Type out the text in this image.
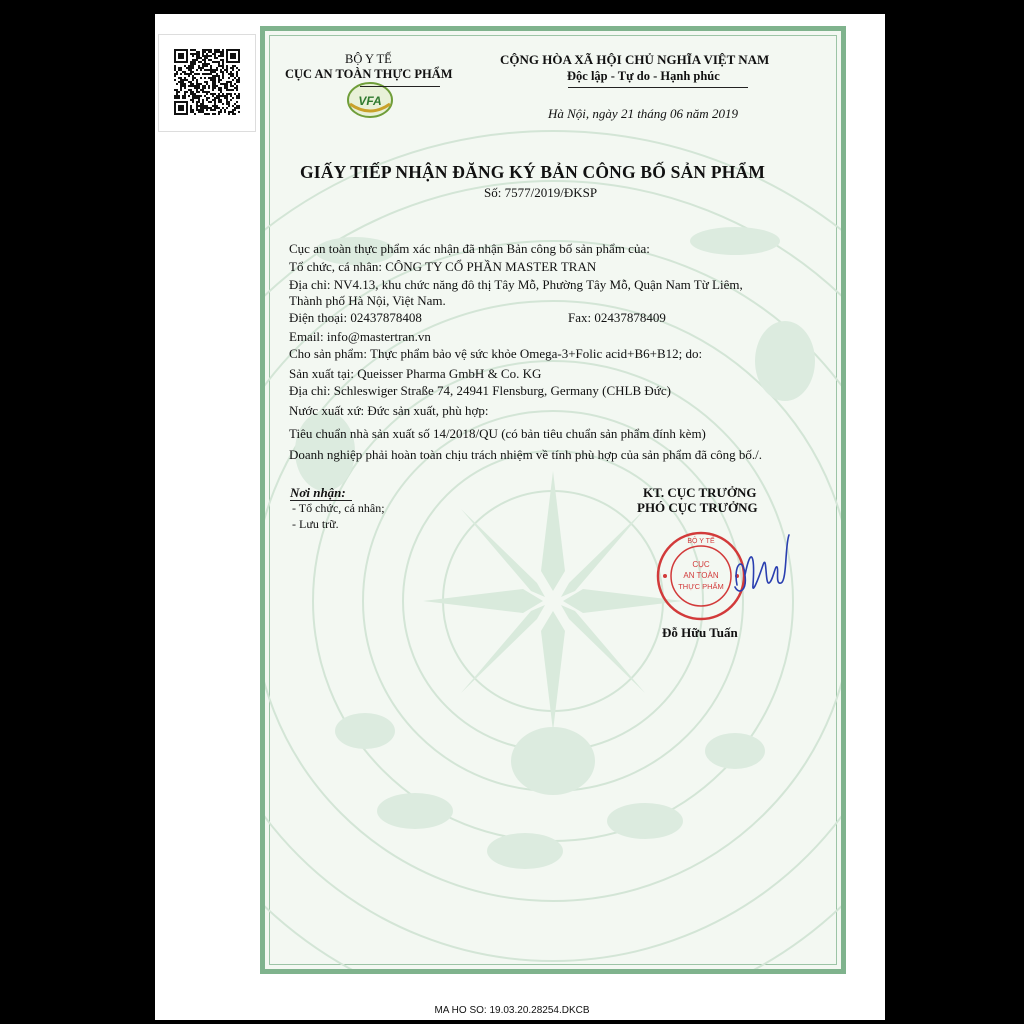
VFA
BỘ Y TẾ
CỤC AN TOÀN THỰC PHẨM
CỘNG HÒA XÃ HỘI CHỦ NGHĨA VIỆT NAM
Độc lập - Tự do - Hạnh phúc
Hà Nội, ngày 21 tháng 06 năm 2019
GIẤY TIẾP NHẬN ĐĂNG KÝ BẢN CÔNG BỐ SẢN PHẨM
Số: 7577/2019/ĐKSP
Cục an toàn thực phẩm xác nhận đã nhận Bản công bố sản phẩm của:
Tổ chức, cá nhân: CÔNG TY CỔ PHẦN MASTER TRAN
Địa chỉ: NV4.13, khu chức năng đô thị Tây Mỗ, Phường Tây Mỗ, Quận Nam Từ Liêm,
Thành phố Hà Nội, Việt Nam.
Điện thoại: 02437878408	Fax: 02437878409
Email: info@mastertran.vn
Cho sản phẩm: Thực phẩm bảo vệ sức khỏe Omega-3+Folic acid+B6+B12; do:
Sản xuất tại: Queisser Pharma GmbH & Co. KG
Địa chỉ: Schleswiger Straße 74, 24941 Flensburg, Germany (CHLB Đức)
Nước xuất xứ: Đức sản xuất, phù hợp:
Tiêu chuẩn nhà sản xuất số 14/2018/QU (có bản tiêu chuẩn sản phẩm đính kèm)
Doanh nghiệp phải hoàn toàn chịu trách nhiệm về tính phù hợp của sản phẩm đã công bố./.
Nơi nhận:
- Tổ chức, cá nhân;
- Lưu trữ.
KT. CỤC TRƯỞNG
PHÓ CỤC TRƯỞNG
BỘ Y TẾ
CỤC
AN TOÀN
THỰC PHẨM
Đỗ Hữu Tuấn
MA HO SO: 19.03.20.28254.DKCB
